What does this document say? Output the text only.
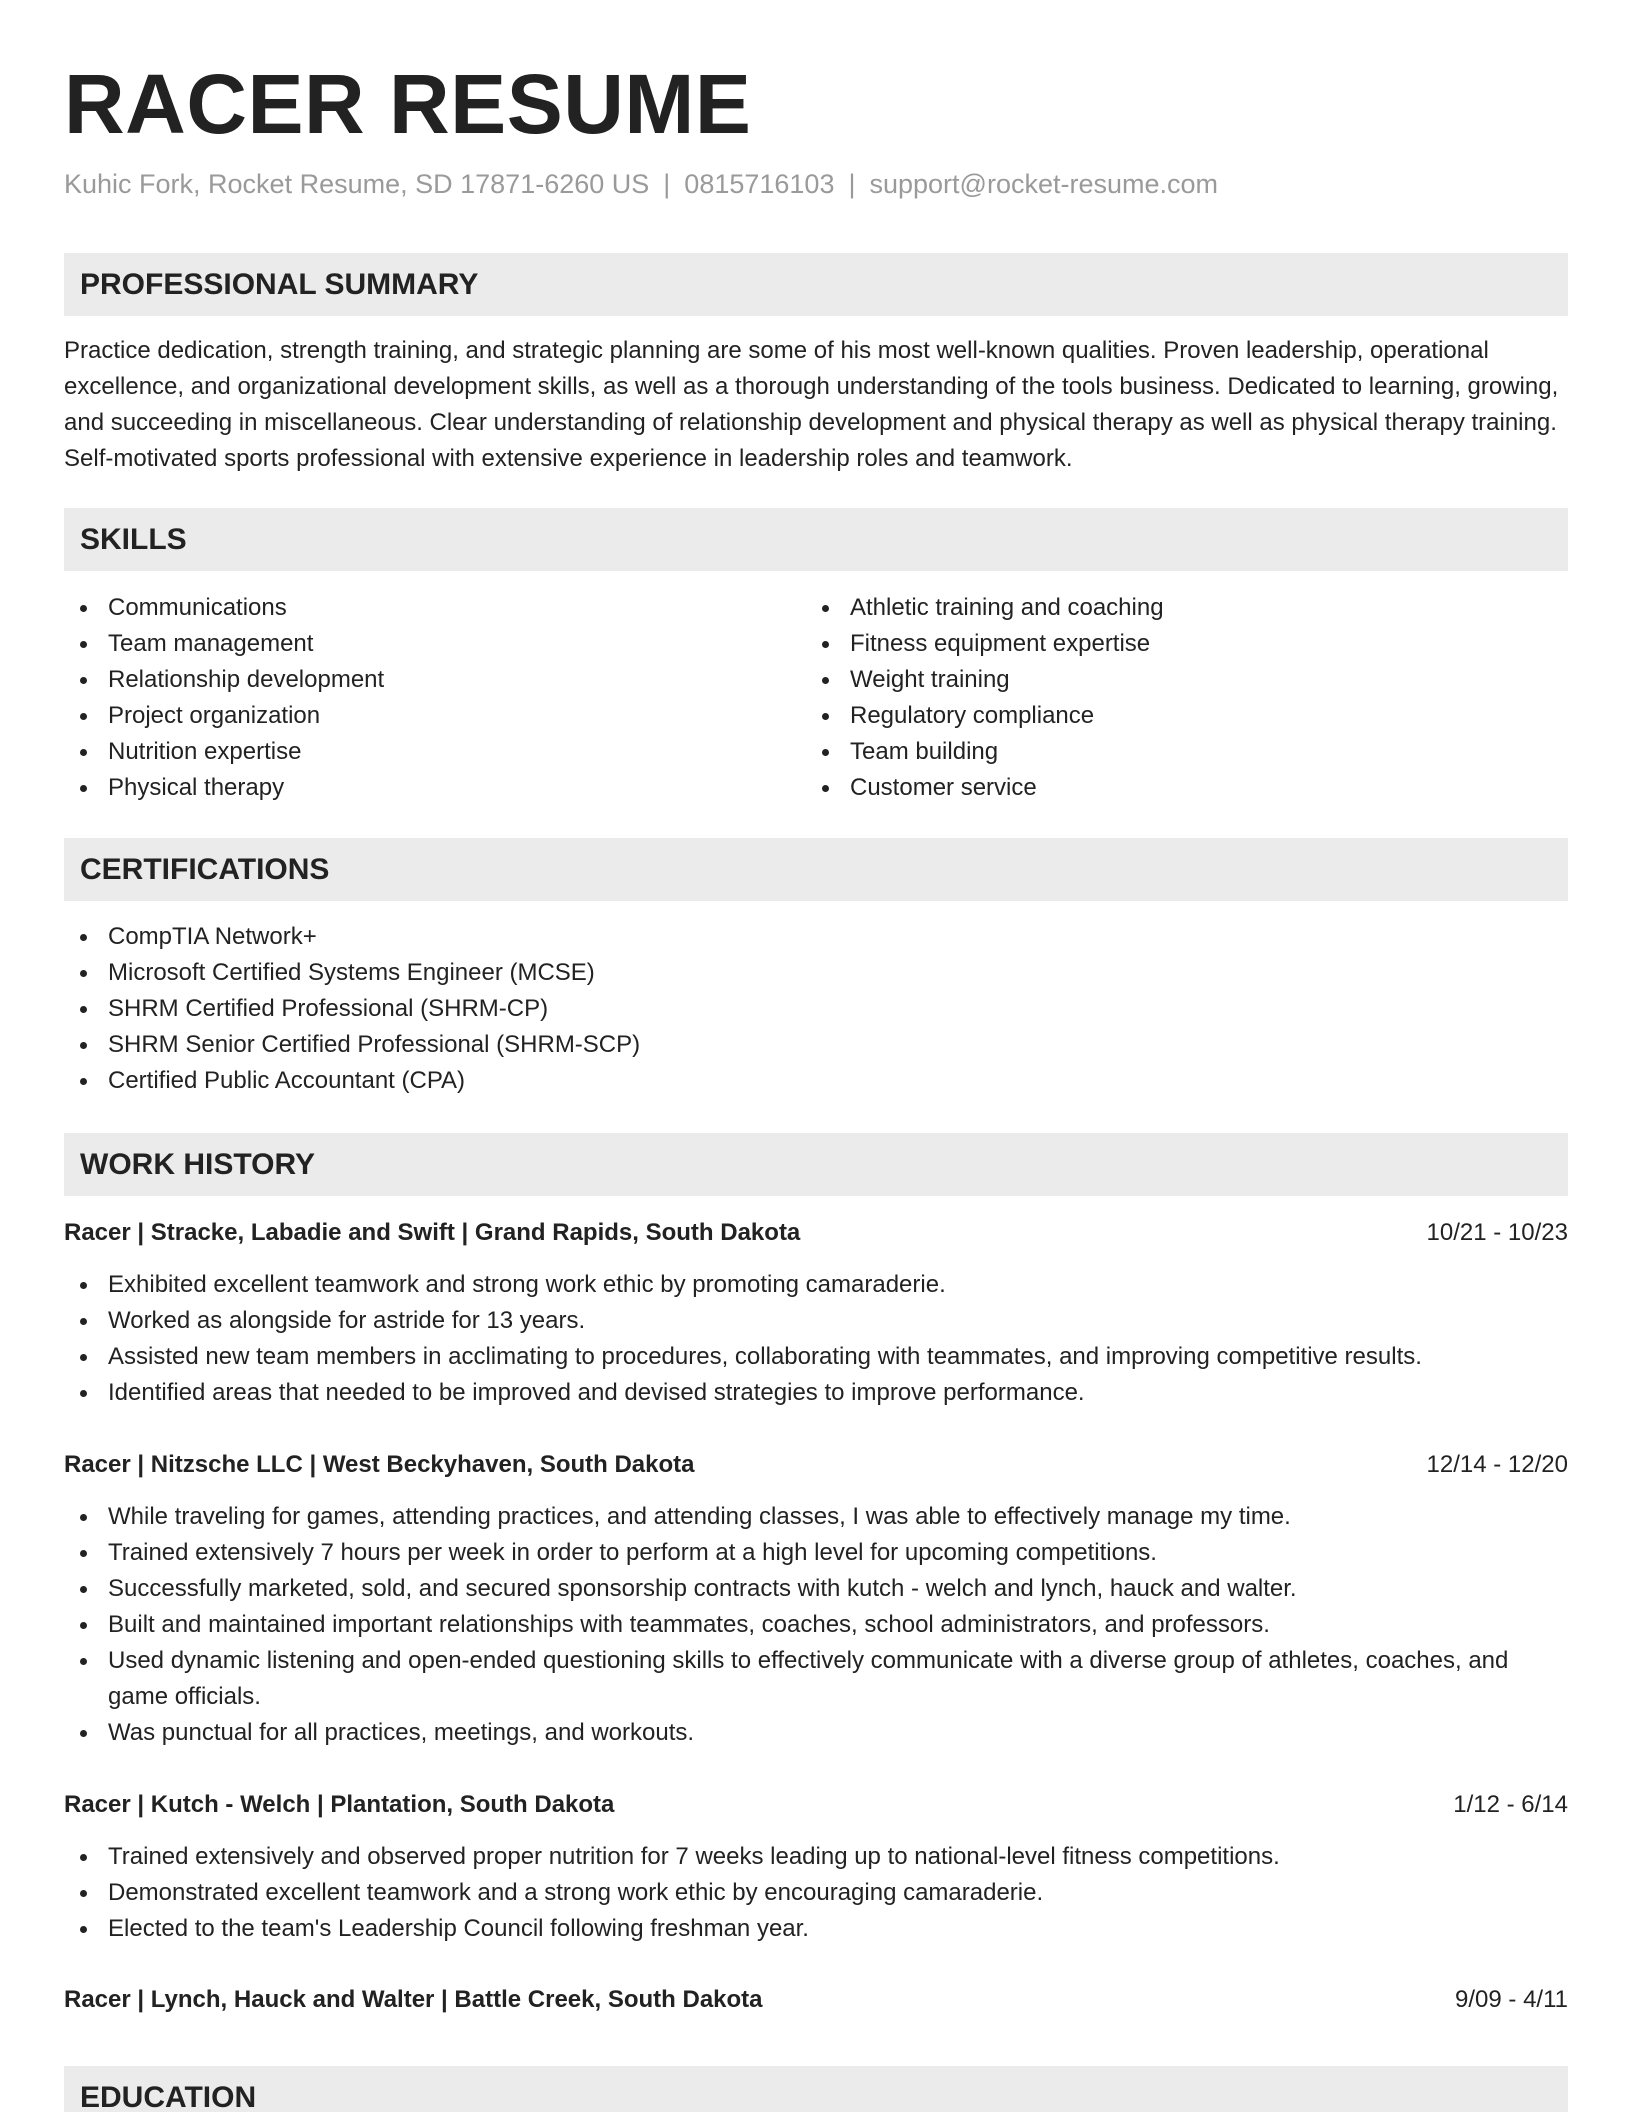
RACER RESUME
Kuhic Fork, Rocket Resume, SD 17871-6260 US | 0815716103 | support@rocket-resume.com
PROFESSIONAL SUMMARY
Practice dedication, strength training, and strategic planning are some of his most well-known qualities. Proven leadership, operational excellence, and organizational development skills, as well as a thorough understanding of the tools business. Dedicated to learning, growing, and succeeding in miscellaneous. Clear understanding of relationship development and physical therapy as well as physical therapy training. Self-motivated sports professional with extensive experience in leadership roles and teamwork.
SKILLS
Communications
Team management
Relationship development
Project organization
Nutrition expertise
Physical therapy
Athletic training and coaching
Fitness equipment expertise
Weight training
Regulatory compliance
Team building
Customer service
CERTIFICATIONS
CompTIA Network+
Microsoft Certified Systems Engineer (MCSE)
SHRM Certified Professional (SHRM-CP)
SHRM Senior Certified Professional (SHRM-SCP)
Certified Public Accountant (CPA)
WORK HISTORY
Racer | Stracke, Labadie and Swift | Grand Rapids, South Dakota	10/21 - 10/23
Exhibited excellent teamwork and strong work ethic by promoting camaraderie.
Worked as alongside for astride for 13 years.
Assisted new team members in acclimating to procedures, collaborating with teammates, and improving competitive results.
Identified areas that needed to be improved and devised strategies to improve performance.
Racer | Nitzsche LLC | West Beckyhaven, South Dakota	12/14 - 12/20
While traveling for games, attending practices, and attending classes, I was able to effectively manage my time.
Trained extensively 7 hours per week in order to perform at a high level for upcoming competitions.
Successfully marketed, sold, and secured sponsorship contracts with kutch - welch and lynch, hauck and walter.
Built and maintained important relationships with teammates, coaches, school administrators, and professors.
Used dynamic listening and open-ended questioning skills to effectively communicate with a diverse group of athletes, coaches, and game officials.
Was punctual for all practices, meetings, and workouts.
Racer | Kutch - Welch | Plantation, South Dakota	1/12 - 6/14
Trained extensively and observed proper nutrition for 7 weeks leading up to national-level fitness competitions.
Demonstrated excellent teamwork and a strong work ethic by encouraging camaraderie.
Elected to the team's Leadership Council following freshman year.
Racer | Lynch, Hauck and Walter | Battle Creek, South Dakota	9/09 - 4/11
EDUCATION
